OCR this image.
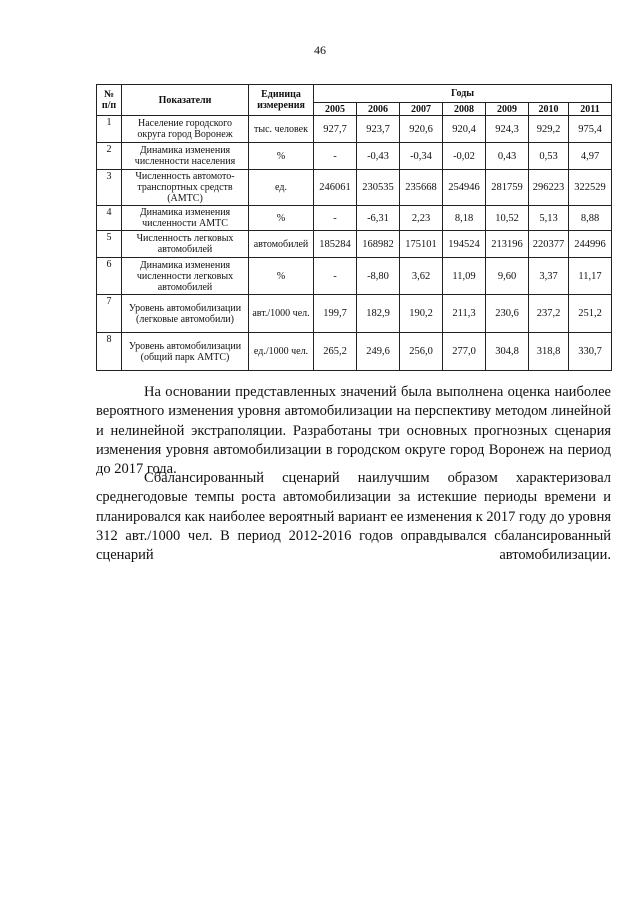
46
№ п/п	Показатели	Единица измерения	Годы						
			2005	2006	2007	2008	2009	2010	2011
1	Население городского округа город Воронеж	тыс. человек	927,7	923,7	920,6	920,4	924,3	929,2	975,4
2	Динамика изменения численности населения	%	-	-0,43	-0,34	-0,02	0,43	0,53	4,97
3	Численность автомото-транспортных средств (АМТС)	ед.	246061	230535	235668	254946	281759	296223	322529
4	Динамика изменения численности АМТС	%	-	-6,31	2,23	8,18	10,52	5,13	8,88
5	Численность легковых автомобилей	автомобилей	185284	168982	175101	194524	213196	220377	244996
6	Динамика изменения численности легковых автомобилей	%	-	-8,80	3,62	11,09	9,60	3,37	11,17
7	Уровень автомобилизации (легковые автомобили)	авт./1000 чел.	199,7	182,9	190,2	211,3	230,6	237,2	251,2
8	Уровень автомобилизации (общий парк АМТС)	ед./1000 чел.	265,2	249,6	256,0	277,0	304,8	318,8	330,7

На основании представленных значений была выполнена оценка наиболее вероятного изменения уровня автомобилизации на перспективу методом линейной и нелинейной экстраполяции. Разработаны три основных прогнозных сценария изменения уровня автомобилизации в городском округе город Воронеж на период до 2017 года.

Сбалансированный сценарий наилучшим образом характеризовал среднегодовые темпы роста автомобилизации за истекшие периоды времени и планировался как наиболее вероятный вариант ее изменения к 2017 году до уровня 312 авт./1000 чел. В период 2012-2016 годов оправдывался сбалансированный сценарий автомобилизации.
